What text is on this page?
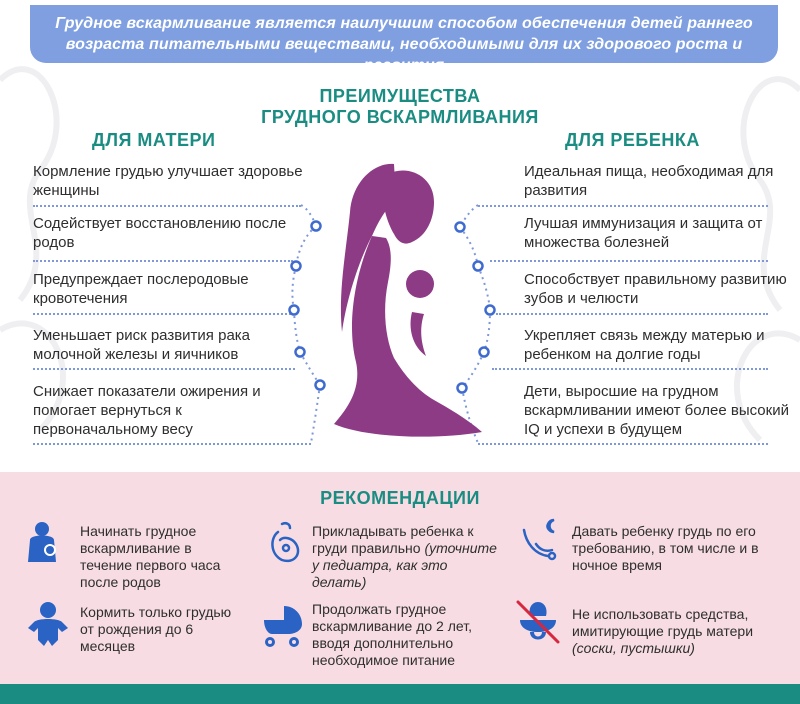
Грудное вскармливание является наилучшим способом обеспечения детей раннего возраста питательными веществами, необходимыми для их здорового роста и развития
ПРЕИМУЩЕСТВА
ГРУДНОГО ВСКАРМЛИВАНИЯ
ДЛЯ МАТЕРИ	ДЛЯ РЕБЕНКА
Кормление грудью улучшает здоровье женщины
Содействует восстановлению после родов
Предупреждает послеродовые кровотечения
Уменьшает риск развития рака молочной железы и яичников
Снижает показатели ожирения и помогает вернуться к первоначальному весу
Идеальная пища, необходимая для развития
Лучшая иммунизация и защита от множества болезней
Способствует правильному развитию зубов и челюсти
Укрепляет связь между матерью и ребенком на долгие годы
Дети, выросшие на грудном вскармливании имеют более высокий IQ и успехи в будущем
РЕКОМЕНДАЦИИ
Начинать грудное вскармливание в течение первого часа после родов
Прикладывать ребенка к груди правильно (уточните у педиатра, как это делать)
Давать ребенку грудь по его требованию, в том числе и в ночное время
Кормить только грудью от рождения до 6 месяцев
Продолжать грудное вскармливание до 2 лет, вводя дополнительно необходимое питание
Не использовать средства, имитирующие грудь матери (соски, пустышки)
